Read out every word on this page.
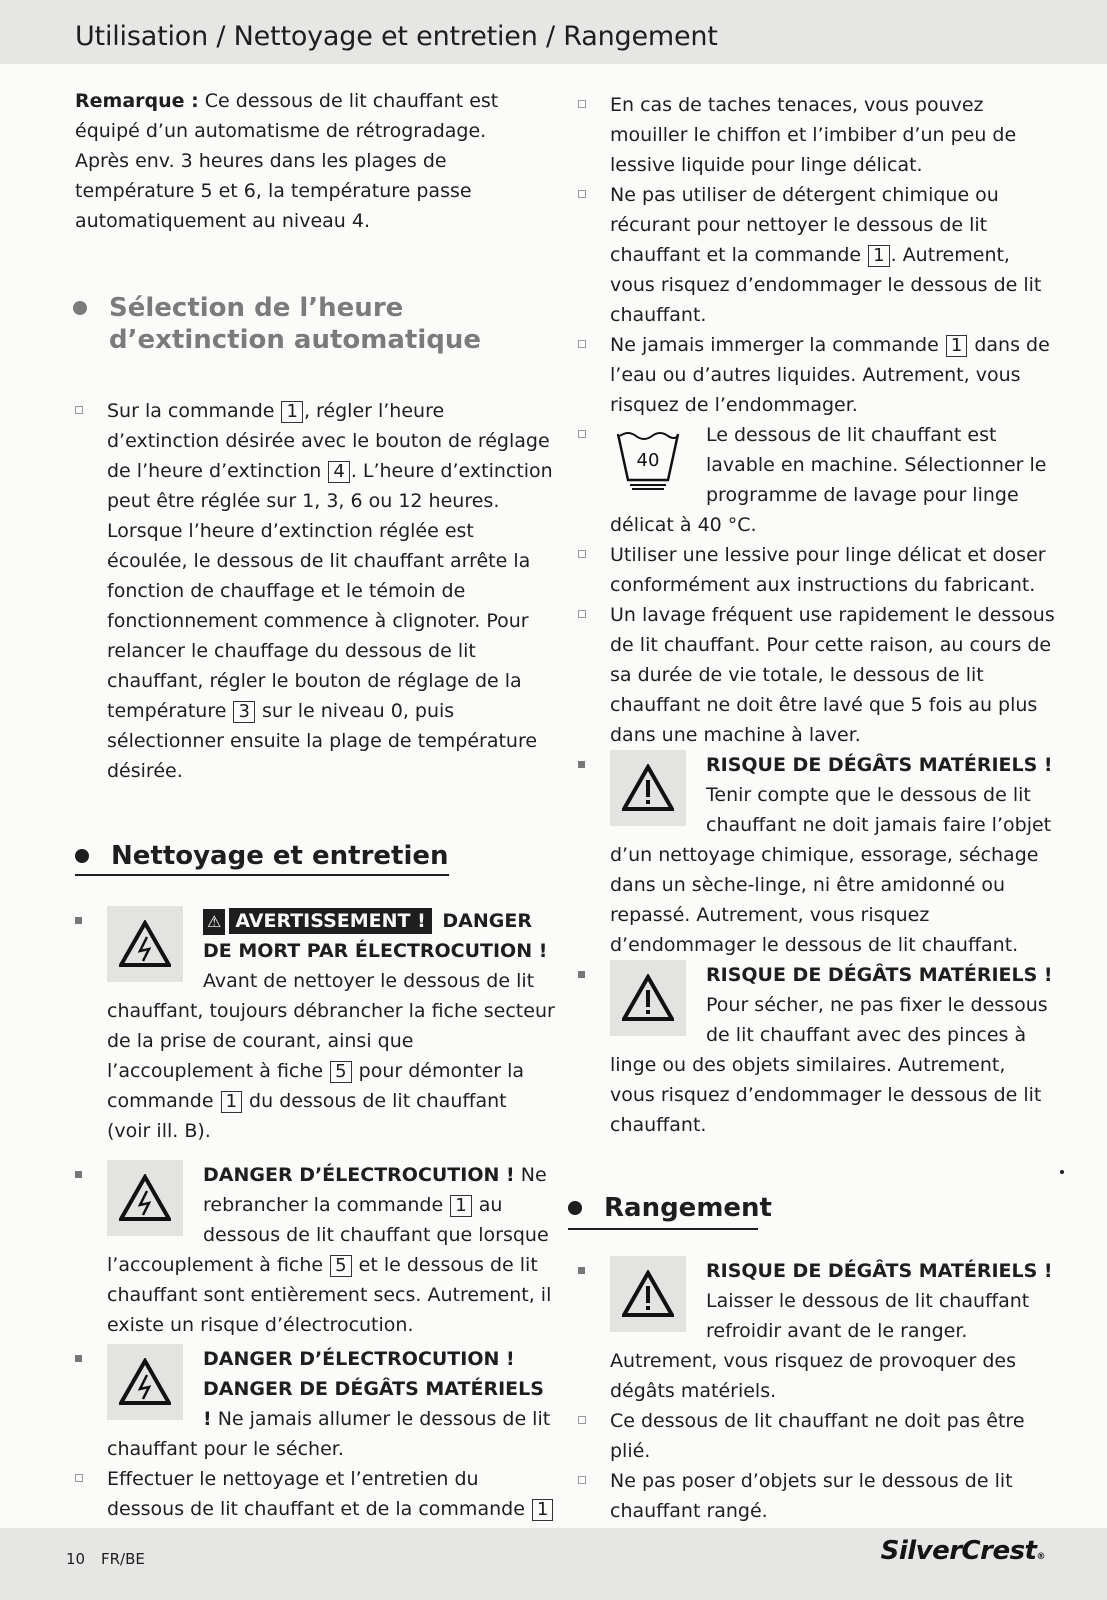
Utilisation / Nettoyage et entretien / Rangement

Remarque : Ce dessous de lit chauffant est équipé d’un automatisme de rétrogradage.

Après env. 3 heures dans les plages de température 5 et 6, la température passe automatiquement au niveau 4.

Sélection de l’heure
d’extinction automatique

Sur la commande 1 , régler l’heure d’extinction désirée avec le bouton de réglage de l’heure d’extinction 4 . L’heure d’extinction peut être réglée sur 1, 3, 6 ou 12 heures. Lorsque l’heure d’extinction réglée est écoulée, le dessous de lit chauffant arrête la fonction de chauffage et le témoin de fonctionnement commence à clignoter. Pour relancer le chauffage du dessous de lit chauffant, régler le bouton de réglage de la température 3 sur le niveau 0, puis sélectionner ensuite la plage de température désirée.

Nettoyage et entretien

⚠ AVERTISSEMENT ! DANGER DE MORT PAR ÉLECTROCUTION ! Avant de nettoyer le dessous de lit chauffant, toujours débrancher la fiche secteur de la prise de courant, ainsi que l’accouplement à fiche 5 pour démonter la commande 1 du dessous de lit chauffant (voir ill. B).

DANGER D’ÉLECTROCUTION ! Ne rebrancher la commande 1 au dessous de lit chauffant que lorsque l’accouplement à fiche 5 et le dessous de lit chauffant sont entièrement secs. Autrement, il existe un risque d’électrocution.

DANGER D’ÉLECTROCUTION ! DANGER DE DÉGÂTS MATÉRIELS ! Ne jamais allumer le dessous de lit chauffant pour le sécher.

Effectuer le nettoyage et l’entretien du dessous de lit chauffant et de la commande 1

En cas de taches tenaces, vous pouvez mouiller le chiffon et l’imbiber d’un peu de lessive liquide pour linge délicat.

Ne pas utiliser de détergent chimique ou récurant pour nettoyer le dessous de lit chauffant et la commande 1 . Autrement, vous risquez d’endommager le dessous de lit chauffant.

Ne jamais immerger la commande 1 dans de l’eau ou d’autres liquides. Autrement, vous risquez de l’endommager.

40

Le dessous de lit chauffant est lavable en machine. Sélectionner le programme de lavage pour linge délicat à 40 °C.

Utiliser une lessive pour linge délicat et doser conformément aux instructions du fabricant.

Un lavage fréquent use rapidement le dessous de lit chauffant. Pour cette raison, au cours de sa durée de vie totale, le dessous de lit chauffant ne doit être lavé que 5 fois au plus dans une machine à laver.

RISQUE DE DÉGÂTS MATÉRIELS ! Tenir compte que le dessous de lit chauffant ne doit jamais faire l’objet d’un nettoyage chimique, essorage, séchage dans un sèche-linge, ni être amidonné ou repassé. Autrement, vous risquez d’endommager le dessous de lit chauffant.

RISQUE DE DÉGÂTS MATÉRIELS ! Pour sécher, ne pas fixer le dessous de lit chauffant avec des pinces à linge ou des objets similaires. Autrement, vous risquez d’endommager le dessous de lit chauffant.

Rangement

RISQUE DE DÉGÂTS MATÉRIELS ! Laisser le dessous de lit chauffant refroidir avant de le ranger. Autrement, vous risquez de provoquer des dégâts matériels.

Ce dessous de lit chauffant ne doit pas être plié.

Ne pas poser d’objets sur le dessous de lit chauffant rangé.

10 FR/BE	SilverCrest®
